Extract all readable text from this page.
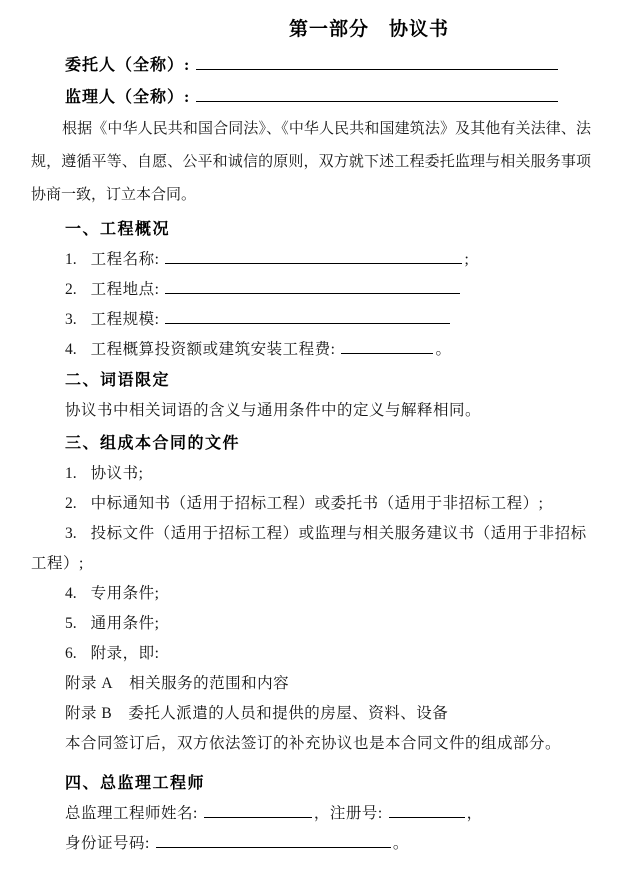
第一部分　协议书
委托人（全称）:
监理人（全称）:

根据《中华人民共和国合同法》、《中华人民共和国建筑法》及其他有关法律、法规，遵循平等、自愿、公平和诚信的原则，双方就下述工程委托监理与相关服务事项协商一致，订立本合同。

一、工程概况
1. 工程名称:	;
2. 工程地点:
3. 工程规模:
4. 工程概算投资额或建筑安装工程费:	。
二、词语限定
协议书中相关词语的含义与通用条件中的定义与解释相同。
三、组成本合同的文件
1. 协议书;
2. 中标通知书（适用于招标工程）或委托书（适用于非招标工程）;
3. 投标文件（适用于招标工程）或监理与相关服务建议书（适用于非招标工程）;
4. 专用条件;
5. 通用条件;
6. 附录，即:
附录 A 相关服务的范围和内容
附录 B 委托人派遣的人员和提供的房屋、资料、设备
本合同签订后，双方依法签订的补充协议也是本合同文件的组成部分。
四、总监理工程师
总监理工程师姓名:	，注册号:	，
身份证号码:	。
